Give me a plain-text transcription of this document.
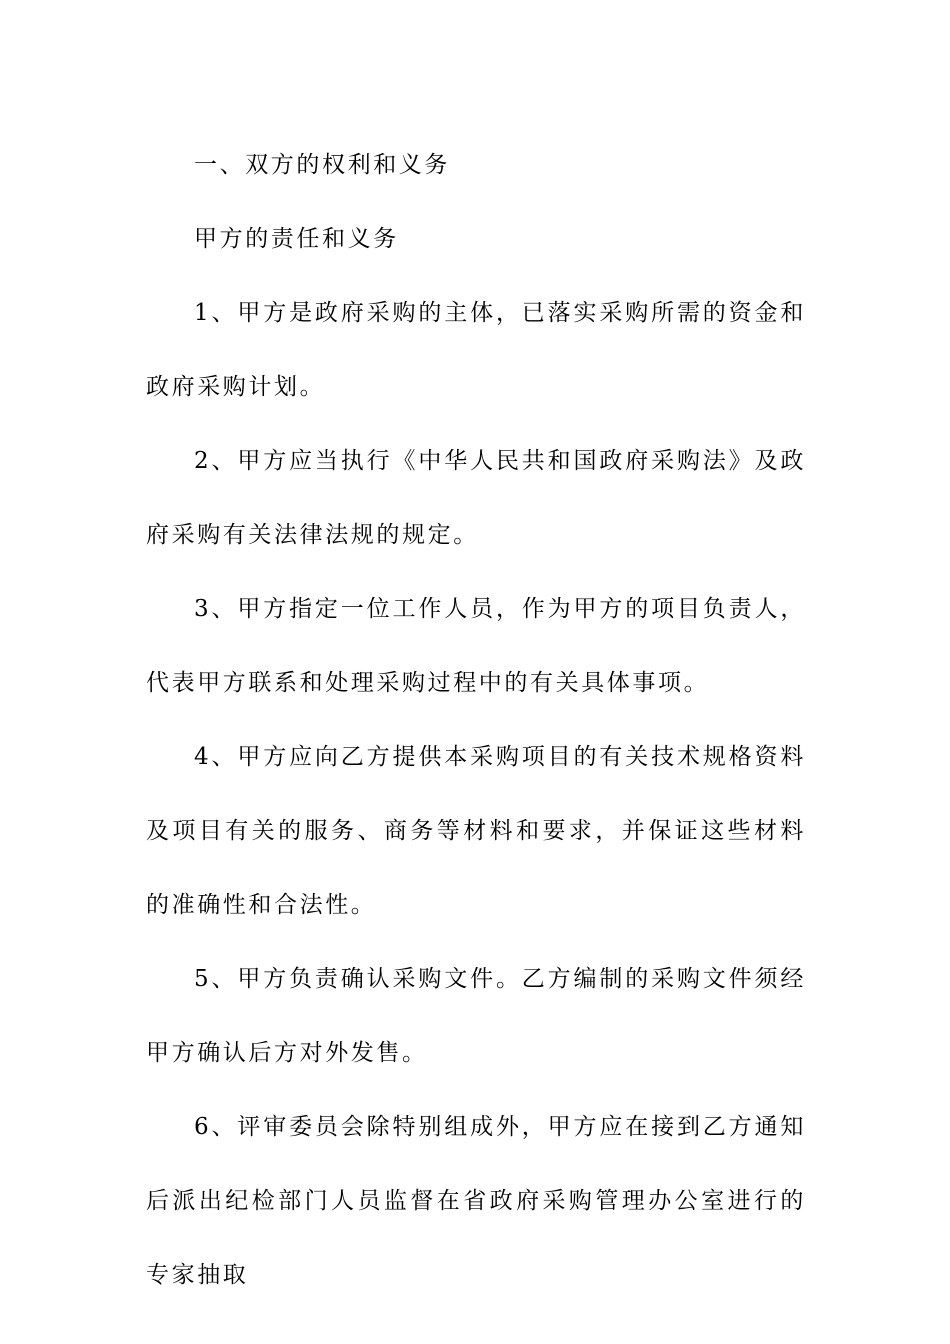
一、双方的权利和义务

甲方的责任和义务

1、甲方是政府采购的主体，已落实采购所需的资金和政府采购计划。

2、甲方应当执行《中华人民共和国政府采购法》及政府采购有关法律法规的规定。

3、甲方指定一位工作人员，作为甲方的项目负责人，代表甲方联系和处理采购过程中的有关具体事项。

4、甲方应向乙方提供本采购项目的有关技术规格资料及项目有关的服务、商务等材料和要求，并保证这些材料的准确性和合法性。

5、甲方负责确认采购文件。乙方编制的采购文件须经甲方确认后方对外发售。

6、评审委员会除特别组成外，甲方应在接到乙方通知后派出纪检部门人员监督在省政府采购管理办公室进行的专家抽取
